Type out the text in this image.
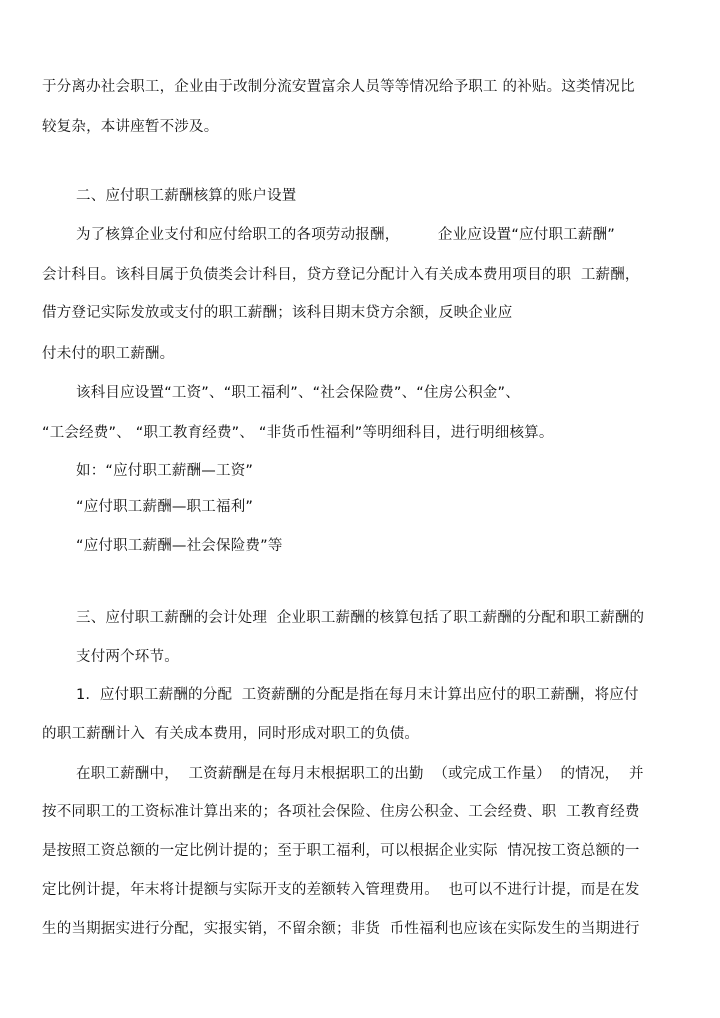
于分离办社会职工，企业由于改制分流安置富余人员等等情况给予职工 的补贴。这类情况比
较复杂，本讲座暂不涉及。
二、应付职工薪酬核算的账户设置
为了核算企业支付和应付给职工的各项劳动报酬，        企业应设置“应付职工薪酬”
会计科目。该科目属于负债类会计科目，贷方登记分配计入有关成本费用项目的职  工薪酬，
借方登记实际发放或支付的职工薪酬；该科目期末贷方余额，反映企业应
付未付的职工薪酬。
该科目应设置“工资”、“职工福利”、“社会保险费”、“住房公积金”、
“工会经费”、 “职工教育经费”、 “非货币性福利”等明细科目，进行明细核算。
如：“应付职工薪酬—工资”
“应付职工薪酬—职工福利”
“应付职工薪酬—社会保险费”等
三、应付职工薪酬的会计处理  企业职工薪酬的核算包括了职工薪酬的分配和职工薪酬的
支付两个环节。
1.  应付职工薪酬的分配  工资薪酬的分配是指在每月末计算出应付的职工薪酬，将应付
的职工薪酬计入  有关成本费用，同时形成对职工的负债。
在职工薪酬中，  工资薪酬是在每月末根据职工的出勤  （或完成工作量）  的情况，  并
按不同职工的工资标准计算出来的；各项社会保险、住房公积金、工会经费、职  工教育经费
是按照工资总额的一定比例计提的；至于职工福利，可以根据企业实际  情况按工资总额的一
定比例计提，年末将计提额与实际开支的差额转入管理费用。  也可以不进行计提，而是在发
生的当期据实进行分配，实报实销，不留余额；非货  币性福利也应该在实际发生的当期进行
